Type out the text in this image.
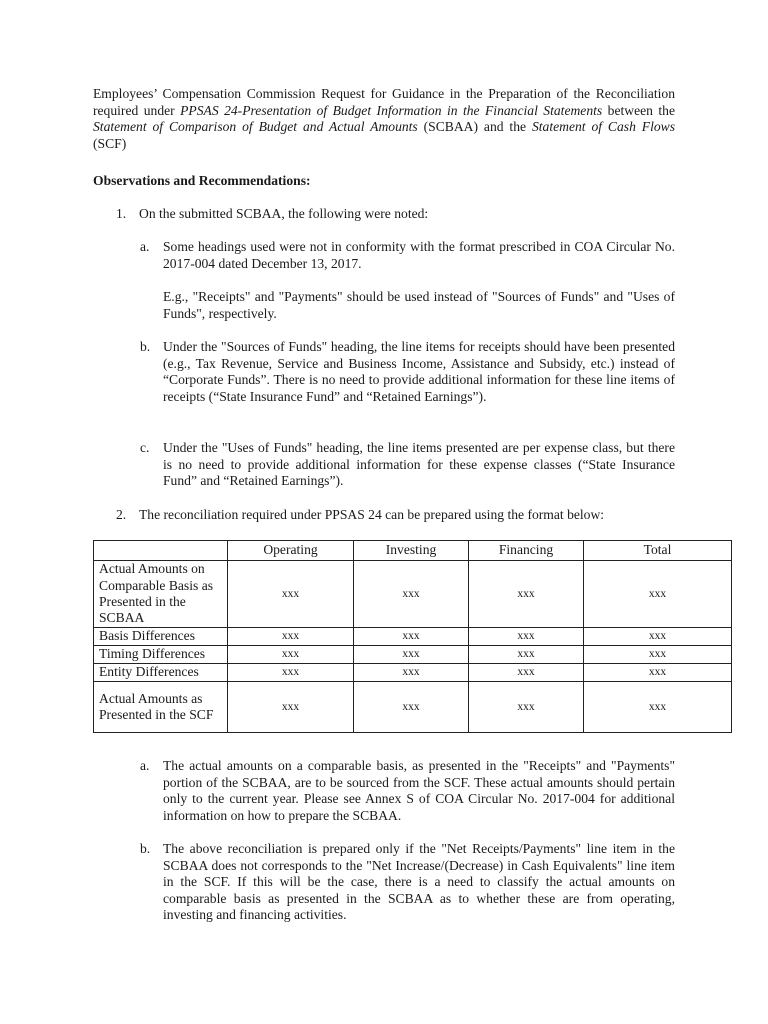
Employees’ Compensation Commission Request for Guidance in the Preparation of the Reconciliation required under PPSAS 24-Presentation of Budget Information in the Financial Statements between the Statement of Comparison of Budget and Actual Amounts (SCBAA) and the Statement of Cash Flows (SCF)
Observations and Recommendations:
1. On the submitted SCBAA, the following were noted:
a. Some headings used were not in conformity with the format prescribed in COA Circular No. 2017-004 dated December 13, 2017.
E.g., "Receipts" and "Payments" should be used instead of "Sources of Funds" and "Uses of Funds", respectively.
b. Under the "Sources of Funds" heading, the line items for receipts should have been presented (e.g., Tax Revenue, Service and Business Income, Assistance and Subsidy, etc.) instead of “Corporate Funds”. There is no need to provide additional information for these line items of receipts (“State Insurance Fund” and “Retained Earnings”).
c. Under the "Uses of Funds" heading, the line items presented are per expense class, but there is no need to provide additional information for these expense classes (“State Insurance Fund” and “Retained Earnings”).
2. The reconciliation required under PPSAS 24 can be prepared using the format below:
	Operating	Investing	Financing	Total
Actual Amounts on Comparable Basis as Presented in the SCBAA	xxx	xxx	xxx	xxx
Basis Differences	xxx	xxx	xxx	xxx
Timing Differences	xxx	xxx	xxx	xxx
Entity Differences	xxx	xxx	xxx	xxx
Actual Amounts as Presented in the SCF	xxx	xxx	xxx	xxx
a. The actual amounts on a comparable basis, as presented in the "Receipts" and "Payments" portion of the SCBAA, are to be sourced from the SCF. These actual amounts should pertain only to the current year. Please see Annex S of COA Circular No. 2017-004 for additional information on how to prepare the SCBAA.
b. The above reconciliation is prepared only if the "Net Receipts/Payments" line item in the SCBAA does not corresponds to the "Net Increase/(Decrease) in Cash Equivalents" line item in the SCF. If this will be the case, there is a need to classify the actual amounts on comparable basis as presented in the SCBAA as to whether these are from operating, investing and financing activities.
